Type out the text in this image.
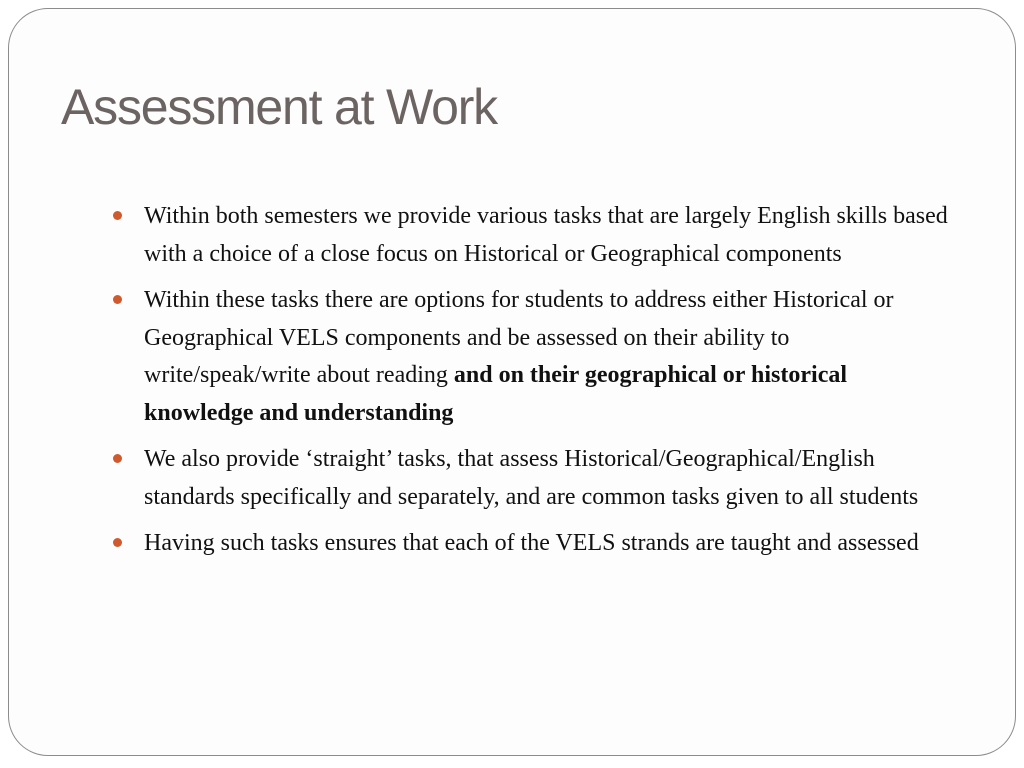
Assessment at Work
Within both semesters we provide various tasks that are largely English skills based with a choice of a close focus on Historical or Geographical components
Within these tasks there are options for students to address either Historical or Geographical VELS components and be assessed on their ability to write/speak/write about reading and on their geographical or historical knowledge and understanding
We also provide ‘straight’ tasks, that assess Historical/Geographical/English standards specifically and separately, and are common tasks given to all students
Having such tasks ensures that each of the VELS strands are taught and assessed
